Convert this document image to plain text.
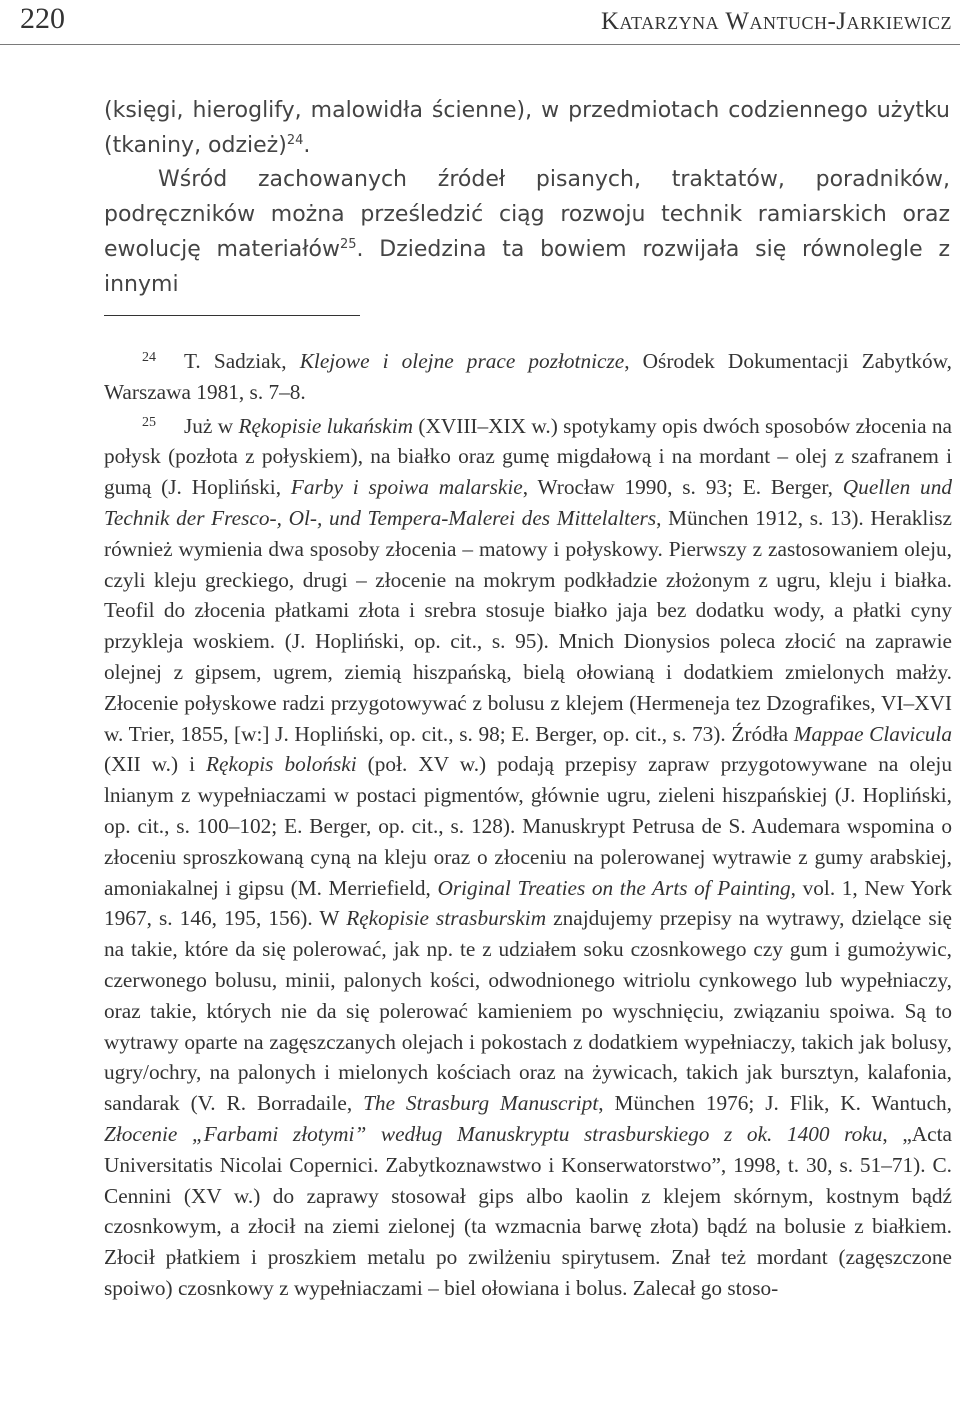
220	Katarzyna Wantuch-Jarkiewicz

(księgi, hieroglify, malowidła ścienne), w przedmiotach codziennego użytku (tkaniny, odzież)$^{24}$.

Wśród zachowanych źródeł pisanych, traktatów, poradników, podręczników można prześledzić ciąg rozwoju technik ramiarskich oraz ewolucję materiałów$^{25}$. Dziedzina ta bowiem rozwijała się równolegle z innymi

$^{24}$ T. Sadziak, Klejowe i olejne prace pozłotnicze, Ośrodek Dokumentacji Zabytków, Warszawa 1981, s. 7–8.

$^{25}$ Już w Rękopisie lukańskim (XVIII–XIX w.) spotykamy opis dwóch sposobów złocenia na połysk (pozłota z połyskiem), na białko oraz gumę migdałową i na mordant – olej z szafranem i gumą (J. Hopliński, Farby i spoiwa malarskie, Wrocław 1990, s. 93; E. Berger, Quellen und Technik der Fresco-, Ol-, und Tempera-Malerei des Mittelalters, München 1912, s. 13). Heraklisz również wymienia dwa sposoby złocenia – matowy i połyskowy. Pierwszy z zastosowaniem oleju, czyli kleju greckiego, drugi – złocenie na mokrym podkładzie złożonym z ugru, kleju i białka. Teofil do złocenia płatkami złota i srebra stosuje białko jaja bez dodatku wody, a płatki cyny przykleja woskiem. (J. Hopliński, op. cit., s. 95). Mnich Dionysios poleca złocić na zaprawie olejnej z gipsem, ugrem, ziemią hiszpańską, bielą ołowianą i dodatkiem zmielonych małży. Złocenie połyskowe radzi przygotowywać z bolusu z klejem (Hermeneja tez Dzografikes, VI–XVI w. Trier, 1855, [w:] J. Hopliński, op. cit., s. 98; E. Berger, op. cit., s. 73). Źródła Mappae Clavicula (XII w.) i Rękopis boloński (poł. XV w.) podają przepisy zapraw przygotowywane na oleju lnianym z wypełniaczami w postaci pigmentów, głównie ugru, zieleni hiszpańskiej (J. Hopliński, op. cit., s. 100–102; E. Berger, op. cit., s. 128). Manuskrypt Petrusa de S. Audemara wspomina o złoceniu sproszkowaną cyną na kleju oraz o złoceniu na polerowanej wytrawie z gumy arabskiej, amoniakalnej i gipsu (M. Merriefield, Original Treaties on the Arts of Painting, vol. 1, New York 1967, s. 146, 195, 156). W Rękopisie strasburskim znajdujemy przepisy na wytrawy, dzielące się na takie, które da się polerować, jak np. te z udziałem soku czosnkowego czy gum i gumożywic, czerwonego bolusu, minii, palonych kości, odwodnionego witriolu cynkowego lub wypełniaczy, oraz takie, których nie da się polerować kamieniem po wyschnięciu, związaniu spoiwa. Są to wytrawy oparte na zagęszczanych olejach i pokostach z dodatkiem wypełniaczy, takich jak bolusy, ugry/ochry, na palonych i mielonych kościach oraz na żywicach, takich jak bursztyn, kalafonia, sandarak (V. R. Borradaile, The Strasburg Manuscript, München 1976; J. Flik, K. Wantuch, Złocenie „Farbami złotymi” według Manuskryptu strasburskiego z ok. 1400 roku, „Acta Universitatis Nicolai Copernici. Zabytkoznawstwo i Konserwatorstwo”, 1998, t. 30, s. 51–71). C. Cennini (XV w.) do zaprawy stosował gips albo kaolin z klejem skórnym, kostnym bądź czosnkowym, a złocił na ziemi zielonej (ta wzmacnia barwę złota) bądź na bolusie z białkiem. Złocił płatkiem i proszkiem metalu po zwilżeniu spirytusem. Znał też mordant (zagęszczone spoiwo) czosnkowy z wypełniaczami – biel ołowiana i bolus. Zalecał go stoso-
